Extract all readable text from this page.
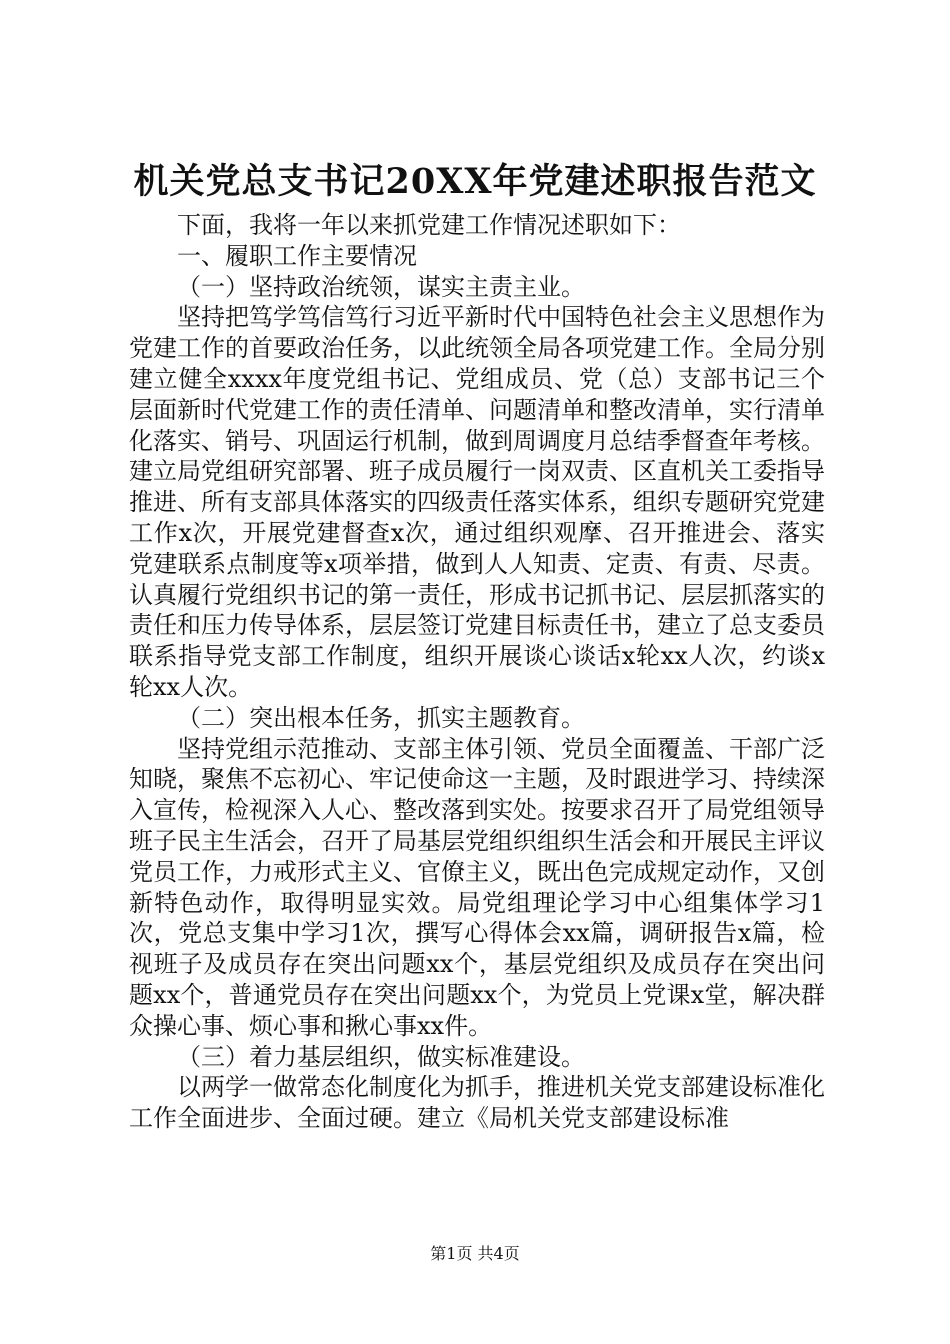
机关党总支书记20XX年党建述职报告范文

下面，我将一年以来抓党建工作情况述职如下：

一、履职工作主要情况

（一）坚持政治统领，谋实主责主业。

坚持把笃学笃信笃行习近平新时代中国特色社会主义思想作为党建工作的首要政治任务，以此统领全局各项党建工作。全局分别建立健全xxxx年度党组书记、党组成员、党（总）支部书记三个层面新时代党建工作的责任清单、问题清单和整改清单，实行清单化落实、销号、巩固运行机制，做到周调度月总结季督查年考核。建立局党组研究部署、班子成员履行一岗双责、区直机关工委指导推进、所有支部具体落实的四级责任落实体系，组织专题研究党建工作x次，开展党建督查x次，通过组织观摩、召开推进会、落实党建联系点制度等x项举措，做到人人知责、定责、有责、尽责。认真履行党组织书记的第一责任，形成书记抓书记、层层抓落实的责任和压力传导体系，层层签订党建目标责任书，建立了总支委员联系指导党支部工作制度，组织开展谈心谈话x轮xx人次，约谈x轮xx人次。

（二）突出根本任务，抓实主题教育。

坚持党组示范推动、支部主体引领、党员全面覆盖、干部广泛知晓，聚焦不忘初心、牢记使命这一主题，及时跟进学习、持续深入宣传，检视深入人心、整改落到实处。按要求召开了局党组领导班子民主生活会，召开了局基层党组织组织生活会和开展民主评议党员工作，力戒形式主义、官僚主义，既出色完成规定动作，又创新特色动作，取得明显实效。局党组理论学习中心组集体学习1次，党总支集中学习1次，撰写心得体会xx篇，调研报告x篇，检视班子及成员存在突出问题xx个，基层党组织及成员存在突出问题xx个，普通党员存在突出问题xx个，为党员上党课x堂，解决群众操心事、烦心事和揪心事xx件。

（三）着力基层组织，做实标准建设。

以两学一做常态化制度化为抓手，推进机关党支部建设标准化工作全面进步、全面过硬。建立《局机关党支部建设标准

第1页 共4页
